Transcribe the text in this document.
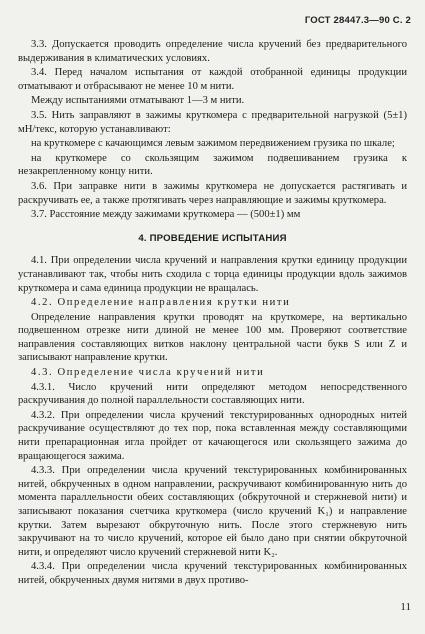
ГОСТ 28447.3—90 С. 2

3.3. Допускается проводить определение числа кручений без предварительного выдерживания в климатических условиях.

3.4. Перед началом испытания от каждой отобранной единицы продукции отматывают и отбрасывают не менее 10 м нити.

Между испытаниями отматывают 1—3 м нити.

3.5. Нить заправляют в зажимы круткомера с предварительной нагрузкой (5±1) мН/текс, которую устанавливают:

на круткомере с качающимся левым зажимом передвижением грузика по шкале;

на круткомере со скользящим зажимом подвешиванием грузика к незакрепленному концу нити.

3.6. При заправке нити в зажимы круткомера не допускается растягивать и раскручивать ее, а также протягивать через направляющие и зажимы круткомера.

3.7. Расстояние между зажимами круткомера — (500±1) мм

4. ПРОВЕДЕНИЕ ИСПЫТАНИЯ

4.1. При определении числа кручений и направления крутки единицу продукции устанавливают так, чтобы нить сходила с торца единицы продукции вдоль зажимов круткомера и сама единица продукции не вращалась.

4.2. Определение направления крутки нити

Определение направления крутки проводят на круткомере, на вертикально подвешенном отрезке нити длиной не менее 100 мм. Проверяют соответствие направления составляющих витков наклону центральной части букв S или Z и записывают направление крутки.

4.3. Определение числа кручений нити

4.3.1. Число кручений нити определяют методом непосредственного раскручивания до полной параллельности составляющих нити.

4.3.2. При определении числа кручений текстурированных однородных нитей раскручивание осуществляют до тех пор, пока вставленная между составляющими нити препарационная игла пройдет от качающегося или скользящего зажима до вращающегося зажима.

4.3.3. При определении числа кручений текстурированных комбинированных нитей, обкрученных в одном направлении, раскручивают комбинированную нить до момента параллельности обеих составляющих (обкруточной и стержневой нити) и записывают показания счетчика круткомера (число кручений K₁) и направление крутки. Затем вырезают обкруточную нить. После этого стержневую нить закручивают на то число кручений, которое ей было дано при снятии обкруточной нити, и определяют число кручений стержневой нити K₂.

4.3.4. При определении числа кручений текстурированных комбинированных нитей, обкрученных двумя нитями в двух противо-

11
